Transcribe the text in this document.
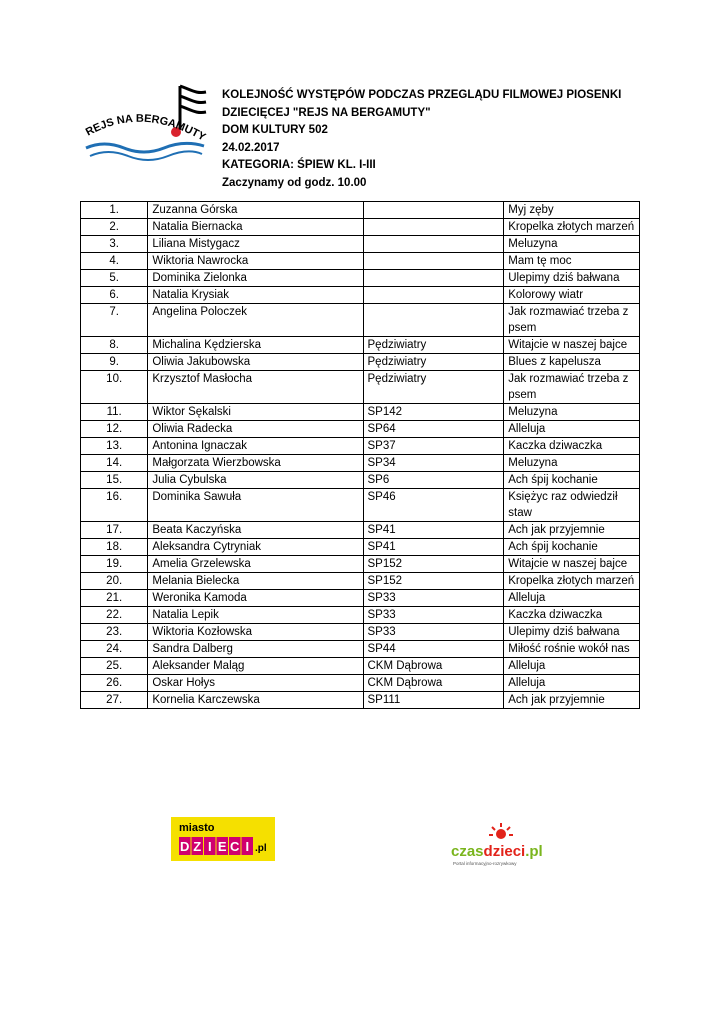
REJS NA BERGAMUTY
KOLEJNOŚĆ WYSTĘPÓW PODCZAS PRZEGLĄDU FILMOWEJ PIOSENKI
DZIECIĘCEJ "REJS NA BERGAMUTY"
DOM KULTURY 502
24.02.2017
KATEGORIA: ŚPIEW KL. I-III
Zaczynamy od godz. 10.00
1.	Zuzanna Górska		Myj zęby
2.	Natalia Biernacka		Kropelka złotych marzeń
3.	Liliana Mistygacz		Meluzyna
4.	Wiktoria Nawrocka		Mam tę moc
5.	Dominika Zielonka		Ulepimy dziś bałwana
6.	Natalia Krysiak		Kolorowy wiatr
7.	Angelina Poloczek		Jak rozmawiać trzeba z psem
8.	Michalina Kędzierska	Pędziwiatry	Witajcie w naszej bajce
9.	Oliwia Jakubowska	Pędziwiatry	Blues z kapelusza
10.	Krzysztof Masłocha	Pędziwiatry	Jak rozmawiać trzeba z psem
11.	Wiktor Sękalski	SP142	Meluzyna
12.	Oliwia Radecka	SP64	Alleluja
13.	Antonina Ignaczak	SP37	Kaczka dziwaczka
14.	Małgorzata Wierzbowska	SP34	Meluzyna
15.	Julia Cybulska	SP6	Ach śpij kochanie
16.	Dominika Sawuła	SP46	Księżyc raz odwiedził staw
17.	Beata Kaczyńska	SP41	Ach jak przyjemnie
18.	Aleksandra Cytryniak	SP41	Ach śpij kochanie
19.	Amelia Grzelewska	SP152	Witajcie w naszej bajce
20.	Melania Bielecka	SP152	Kropelka złotych marzeń
21.	Weronika Kamoda	SP33	Alleluja
22.	Natalia Lepik	SP33	Kaczka dziwaczka
23.	Wiktoria Kozłowska	SP33	Ulepimy dziś bałwana
24.	Sandra Dalberg	SP44	Miłość rośnie wokół nas
25.	Aleksander Maląg	CKM Dąbrowa	Alleluja
26.	Oskar Hołys	CKM Dąbrowa	Alleluja
27.	Kornelia Karczewska	SP111	Ach jak przyjemnie
miasto
D Z I E C I .pl	czasdzieci.pl
Portal informacyjno-rozrywkowy
